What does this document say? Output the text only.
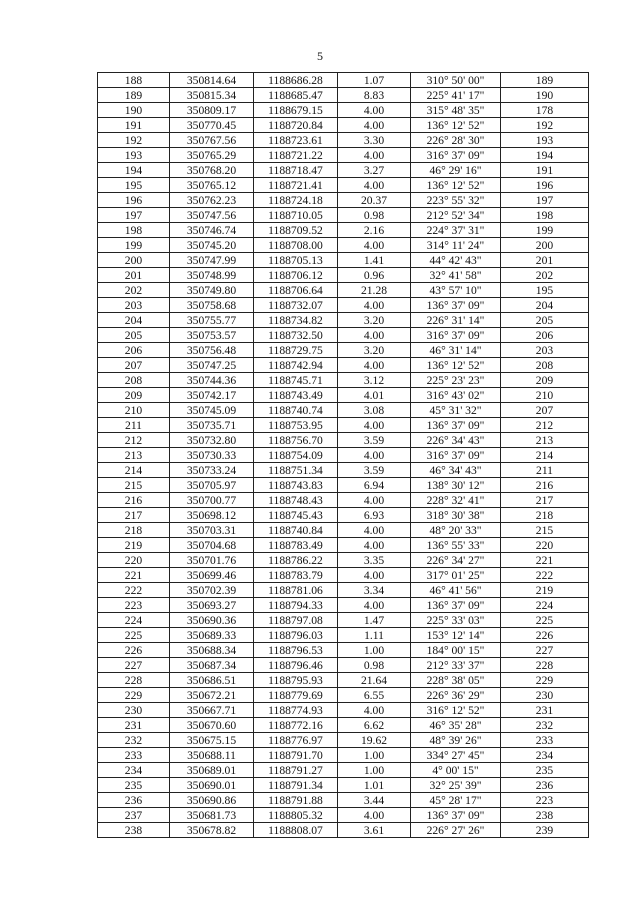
5
188	350814.64	1188686.28	1.07	310° 50' 00"	189
189	350815.34	1188685.47	8.83	225° 41' 17"	190
190	350809.17	1188679.15	4.00	315° 48' 35"	178
191	350770.45	1188720.84	4.00	136° 12' 52"	192
192	350767.56	1188723.61	3.30	226° 28' 30"	193
193	350765.29	1188721.22	4.00	316° 37' 09"	194
194	350768.20	1188718.47	3.27	46° 29' 16"	191
195	350765.12	1188721.41	4.00	136° 12' 52"	196
196	350762.23	1188724.18	20.37	223° 55' 32"	197
197	350747.56	1188710.05	0.98	212° 52' 34"	198
198	350746.74	1188709.52	2.16	224° 37' 31"	199
199	350745.20	1188708.00	4.00	314° 11' 24"	200
200	350747.99	1188705.13	1.41	44° 42' 43"	201
201	350748.99	1188706.12	0.96	32° 41' 58"	202
202	350749.80	1188706.64	21.28	43° 57' 10"	195
203	350758.68	1188732.07	4.00	136° 37' 09"	204
204	350755.77	1188734.82	3.20	226° 31' 14"	205
205	350753.57	1188732.50	4.00	316° 37' 09"	206
206	350756.48	1188729.75	3.20	46° 31' 14"	203
207	350747.25	1188742.94	4.00	136° 12' 52"	208
208	350744.36	1188745.71	3.12	225° 23' 23"	209
209	350742.17	1188743.49	4.01	316° 43' 02"	210
210	350745.09	1188740.74	3.08	45° 31' 32"	207
211	350735.71	1188753.95	4.00	136° 37' 09"	212
212	350732.80	1188756.70	3.59	226° 34' 43"	213
213	350730.33	1188754.09	4.00	316° 37' 09"	214
214	350733.24	1188751.34	3.59	46° 34' 43"	211
215	350705.97	1188743.83	6.94	138° 30' 12"	216
216	350700.77	1188748.43	4.00	228° 32' 41"	217
217	350698.12	1188745.43	6.93	318° 30' 38"	218
218	350703.31	1188740.84	4.00	48° 20' 33"	215
219	350704.68	1188783.49	4.00	136° 55' 33"	220
220	350701.76	1188786.22	3.35	226° 34' 27"	221
221	350699.46	1188783.79	4.00	317° 01' 25"	222
222	350702.39	1188781.06	3.34	46° 41' 56"	219
223	350693.27	1188794.33	4.00	136° 37' 09"	224
224	350690.36	1188797.08	1.47	225° 33' 03"	225
225	350689.33	1188796.03	1.11	153° 12' 14"	226
226	350688.34	1188796.53	1.00	184° 00' 15"	227
227	350687.34	1188796.46	0.98	212° 33' 37"	228
228	350686.51	1188795.93	21.64	228° 38' 05"	229
229	350672.21	1188779.69	6.55	226° 36' 29"	230
230	350667.71	1188774.93	4.00	316° 12' 52"	231
231	350670.60	1188772.16	6.62	46° 35' 28"	232
232	350675.15	1188776.97	19.62	48° 39' 26"	233
233	350688.11	1188791.70	1.00	334° 27' 45"	234
234	350689.01	1188791.27	1.00	4° 00' 15"	235
235	350690.01	1188791.34	1.01	32° 25' 39"	236
236	350690.86	1188791.88	3.44	45° 28' 17"	223
237	350681.73	1188805.32	4.00	136° 37' 09"	238
238	350678.82	1188808.07	3.61	226° 27' 26"	239
